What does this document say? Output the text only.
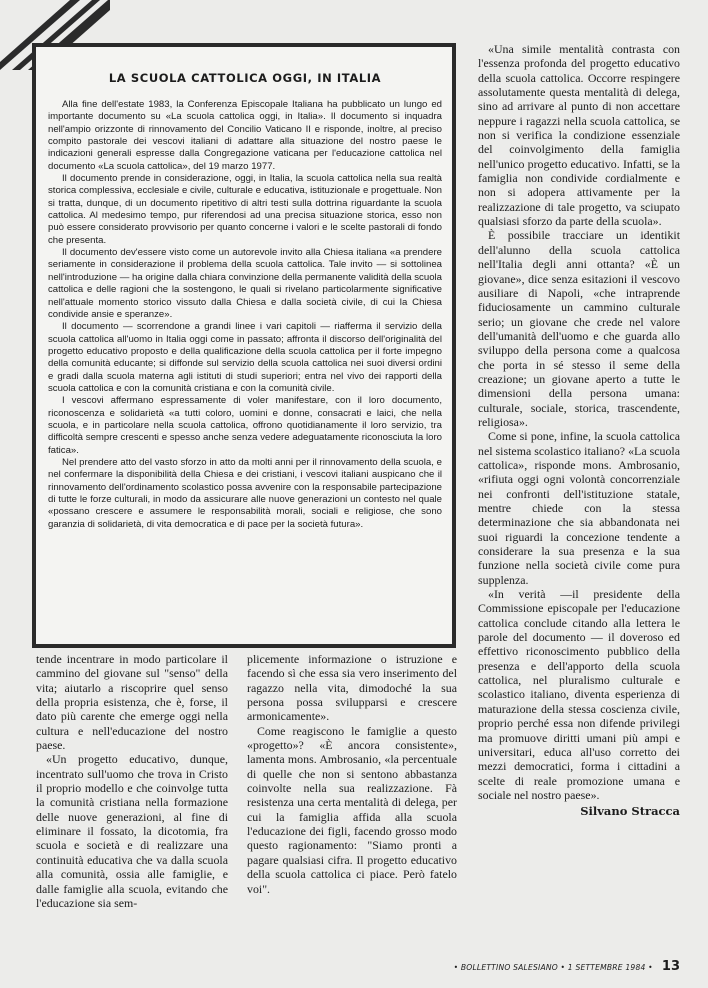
LA SCUOLA CATTOLICA OGGI, IN ITALIA

Alla fine dell'estate 1983, la Conferenza Episcopale Italiana ha pubblicato un lungo ed importante documento su «La scuola cattolica oggi, in Italia». Il documento si inquadra nell'ampio orizzonte di rinnovamento del Concilio Vaticano II e risponde, inoltre, al preciso compito pastorale dei vescovi italiani di adattare alla situazione del nostro paese le indicazioni generali espresse dalla Congregazione vaticana per l'educazione cattolica nel documento «La scuola cattolica», del 19 marzo 1977.

Il documento prende in considerazione, oggi, in Italia, la scuola cattolica nella sua realtà storica complessiva, ecclesiale e civile, culturale e educativa, istituzionale e progettuale. Non si tratta, dunque, di un documento ripetitivo di altri testi sulla dottrina riguardante la scuola cattolica. Al medesimo tempo, pur riferendosi ad una precisa situazione storica, esso non può essere considerato provvisorio per quanto concerne i valori e le scelte pastorali di fondo che presenta.

Il documento dev'essere visto come un autorevole invito alla Chiesa italiana «a prendere seriamente in considerazione il problema della scuola cattolica. Tale invito — si sottolinea nell'introduzione — ha origine dalla chiara convinzione della permanente validità della scuola cattolica e delle ragioni che la sostengono, le quali si rivelano particolarmente significative nell'attuale momento storico vissuto dalla Chiesa e dalla società civile, di cui la Chiesa condivide ansie e speranze».

Il documento — scorrendone a grandi linee i vari capitoli — riafferma il servizio della scuola cattolica all'uomo in Italia oggi come in passato; affronta il discorso dell'originalità del progetto educativo proposto e della qualificazione della scuola cattolica per il forte impegno della comunità educante; si diffonde sul servizio della scuola cattolica nei suoi diversi ordini e gradi dalla scuola materna agli istituti di studi superiori; entra nel vivo dei rapporti della scuola cattolica e con la comunità cristiana e con la comunità civile.

I vescovi affermano espressamente di voler manifestare, con il loro documento, riconoscenza e solidarietà «a tutti coloro, uomini e donne, consacrati e laici, che nella scuola, e in particolare nella scuola cattolica, offrono quotidianamente il loro servizio, tra difficoltà sempre crescenti e spesso anche senza vedere adeguatamente riconosciuta la loro fatica».

Nel prendere atto del vasto sforzo in atto da molti anni per il rinnovamento della scuola, e nel confermare la disponibilità della Chiesa e dei cristiani, i vescovi italiani auspicano che il rinnovamento dell'ordinamento scolastico possa avvenire con la responsabile partecipazione di tutte le forze culturali, in modo da assicurare alle nuove generazioni un contesto nel quale «possano crescere e assumere le responsabilità morali, sociali e religiose, che sono garanzia di solidarietà, di vita democratica e di pace per la società futura».

tende incentrare in modo particolare il cammino del giovane sul "senso" della vita; aiutarlo a riscoprire quel senso della propria esistenza, che è, forse, il dato più carente che emerge oggi nella cultura e nell'educazione del nostro paese.

«Un progetto educativo, dunque, incentrato sull'uomo che trova in Cristo il proprio modello e che coinvolge tutta la comunità cristiana nella formazione delle nuove generazioni, al fine di eliminare il fossato, la dicotomia, fra scuola e società e di realizzare una continuità educativa che va dalla scuola alla comunità, ossia alle famiglie, e dalle famiglie alla scuola, evitando che l'educazione sia sem-

plicemente informazione o istruzione e facendo sì che essa sia vero inserimento del ragazzo nella vita, dimodoché la sua persona possa svilupparsi e crescere armonicamente».

Come reagiscono le famiglie a questo «progetto»? «È ancora consistente», lamenta mons. Ambrosanio, «la percentuale di quelle che non si sentono abbastanza coinvolte nella sua realizzazione. Fà resistenza una certa mentalità di delega, per cui la famiglia affida alla scuola l'educazione dei figli, facendo grosso modo questo ragionamento: "Siamo pronti a pagare qualsiasi cifra. Il progetto educativo della scuola cattolica ci piace. Però fatelo voi".

«Una simile mentalità contrasta con l'essenza profonda del progetto educativo della scuola cattolica. Occorre respingere assolutamente questa mentalità di delega, sino ad arrivare al punto di non accettare neppure i ragazzi nella scuola cattolica, se non si verifica la condizione essenziale del coinvolgimento della famiglia nell'unico progetto educativo. Infatti, se la famiglia non condivide cordialmente e non si adopera attivamente per la realizzazione di tale progetto, va sciupato qualsiasi sforzo da parte della scuola».

È possibile tracciare un identikit dell'alunno della scuola cattolica nell'Italia degli anni ottanta? «È un giovane», dice senza esitazioni il vescovo ausiliare di Napoli, «che intraprende fiduciosamente un cammino culturale serio; un giovane che crede nel valore dell'umanità dell'uomo e che guarda allo sviluppo della persona come a qualcosa che porta in sé stesso il seme della creazione; un giovane aperto a tutte le dimensioni della persona umana: culturale, sociale, storica, trascendente, religiosa».

Come si pone, infine, la scuola cattolica nel sistema scolastico italiano? «La scuola cattolica», risponde mons. Ambrosanio, «rifiuta oggi ogni volontà concorrenziale nei confronti dell'istituzione statale, mentre chiede con la stessa determinazione che sia abbandonata nei suoi riguardi la concezione tendente a considerare la sua presenza e la sua funzione nella società civile come pura supplenza.

«In verità —il presidente della Commissione episcopale per l'educazione cattolica conclude citando alla lettera le parole del documento — il doveroso ed effettivo riconoscimento pubblico della presenza e dell'apporto della scuola cattolica, nel pluralismo culturale e scolastico italiano, diventa esperienza di maturazione della stessa coscienza civile, proprio perché essa non difende privilegi ma promuove diritti umani più ampi e universitari, educa all'uso corretto dei mezzi democratici, forma i cittadini a scelte di reale promozione umana e sociale nel nostro paese».

Silvano Stracca
• BOLLETTINO SALESIANO • 1 SETTEMBRE 1984 • 13
